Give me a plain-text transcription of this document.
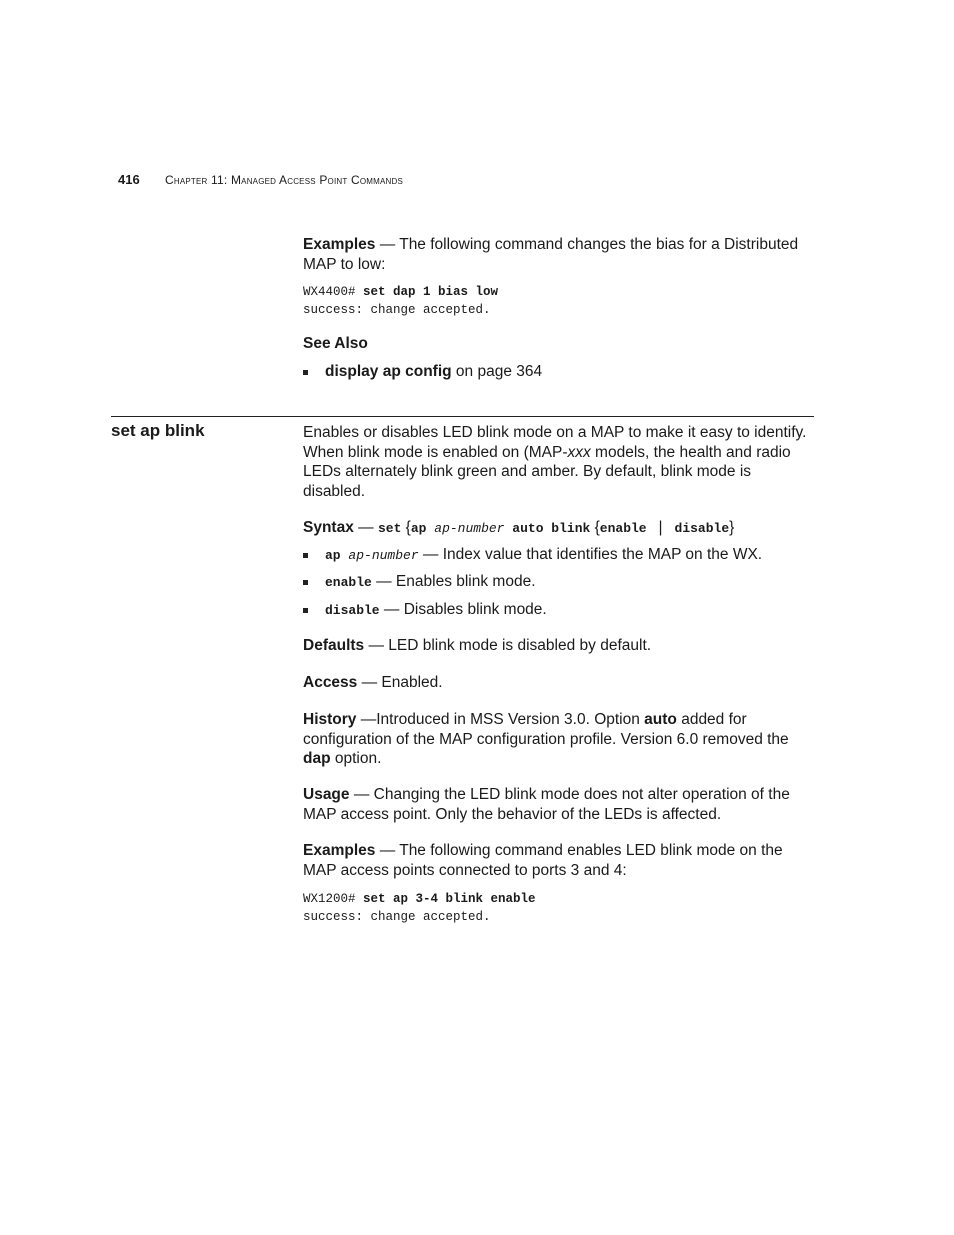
416 Chapter 11: Managed Access Point Commands
Examples — The following command changes the bias for a Distributed MAP to low:
WX4400# set dap 1 bias low
success: change accepted.
See Also
display ap config on page 364
set ap blink	Enables or disables LED blink mode on a MAP to make it easy to identify. When blink mode is enabled on (MAP-xxx models, the health and radio LEDs alternately blink green and amber. By default, blink mode is disabled.
Syntax — set {ap ap-number auto blink {enable | disable}
ap ap-number — Index value that identifies the MAP on the WX.
enable — Enables blink mode.
disable — Disables blink mode.
Defaults — LED blink mode is disabled by default.
Access — Enabled.
History —Introduced in MSS Version 3.0. Option auto added for configuration of the MAP configuration profile. Version 6.0 removed the dap option.
Usage — Changing the LED blink mode does not alter operation of the MAP access point. Only the behavior of the LEDs is affected.
Examples — The following command enables LED blink mode on the MAP access points connected to ports 3 and 4:
WX1200# set ap 3-4 blink enable
success: change accepted.
